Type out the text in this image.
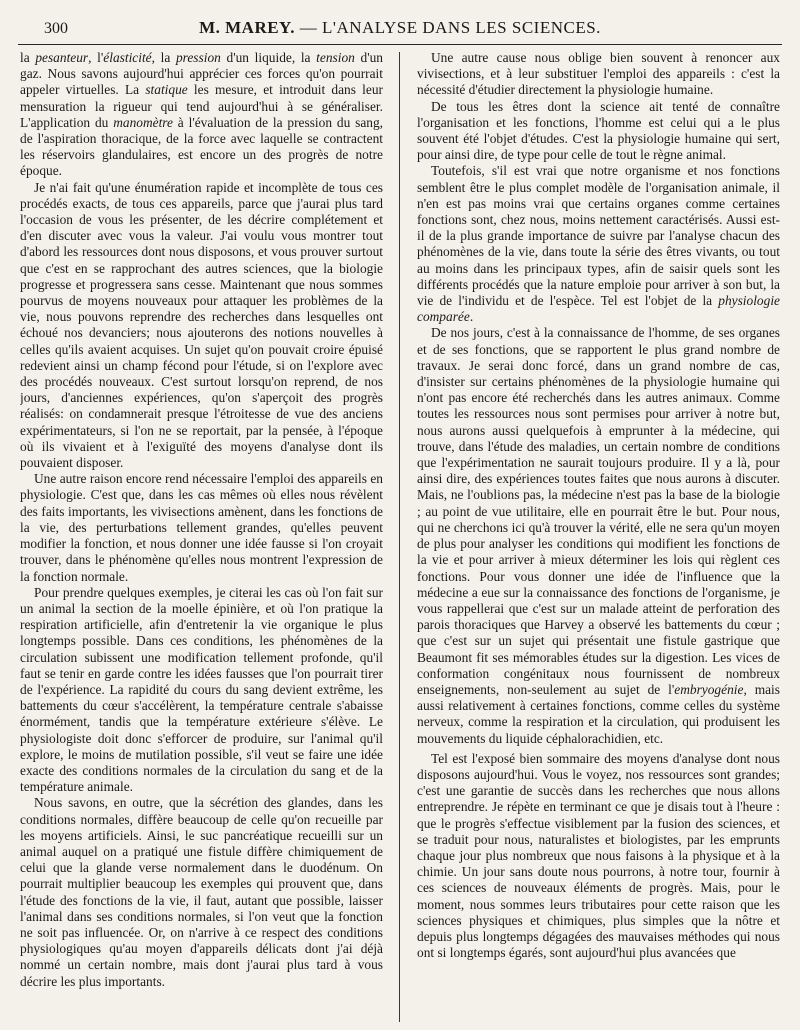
300	M. MAREY. — L'ANALYSE DANS LES SCIENCES.

la pesanteur, l'élasticité, la pression d'un liquide, la tension d'un gaz. Nous savons aujourd'hui apprécier ces forces qu'on pourrait appeler virtuelles. La statique les mesure, et introduit dans leur mensuration la rigueur qui tend aujourd'hui à se généraliser. L'application du manomètre à l'évaluation de la pression du sang, de l'aspiration thoracique, de la force avec laquelle se contractent les réservoirs glandulaires, est encore un des progrès de notre époque.

Je n'ai fait qu'une énumération rapide et incomplète de tous ces procédés exacts, de tous ces appareils, parce que j'aurai plus tard l'occasion de vous les présenter, de les décrire complétement et d'en discuter avec vous la valeur. J'ai voulu vous montrer tout d'abord les ressources dont nous disposons, et vous prouver surtout que c'est en se rapprochant des autres sciences, que la biologie progresse et progressera sans cesse. Maintenant que nous sommes pourvus de moyens nouveaux pour attaquer les problèmes de la vie, nous pouvons reprendre des recherches dans lesquelles ont échoué nos devanciers; nous ajouterons des notions nouvelles à celles qu'ils avaient acquises. Un sujet qu'on pouvait croire épuisé redevient ainsi un champ fécond pour l'étude, si on l'explore avec des procédés nouveaux. C'est surtout lorsqu'on reprend, de nos jours, d'anciennes expériences, qu'on s'aperçoit des progrès réalisés: on condamnerait presque l'étroitesse de vue des anciens expérimentateurs, si l'on ne se reportait, par la pensée, à l'époque où ils vivaient et à l'exiguïté des moyens d'analyse dont ils pouvaient disposer.

Une autre raison encore rend nécessaire l'emploi des appareils en physiologie. C'est que, dans les cas mêmes où elles nous révèlent des faits importants, les vivisections amènent, dans les fonctions de la vie, des perturbations tellement grandes, qu'elles peuvent modifier la fonction, et nous donner une idée fausse si l'on croyait trouver, dans le phénomène qu'elles nous montrent l'expression de la fonction normale.

Pour prendre quelques exemples, je citerai les cas où l'on fait sur un animal la section de la moelle épinière, et où l'on pratique la respiration artificielle, afin d'entretenir la vie organique le plus longtemps possible. Dans ces conditions, les phénomènes de la circulation subissent une modification tellement profonde, qu'il faut se tenir en garde contre les idées fausses que l'on pourrait tirer de l'expérience. La rapidité du cours du sang devient extrême, les battements du cœur s'accélèrent, la température centrale s'abaisse énormément, tandis que la température extérieure s'élève. Le physiologiste doit donc s'efforcer de produire, sur l'animal qu'il explore, le moins de mutilation possible, s'il veut se faire une idée exacte des conditions normales de la circulation du sang et de la température animale.

Nous savons, en outre, que la sécrétion des glandes, dans les conditions normales, diffère beaucoup de celle qu'on recueille par les moyens artificiels. Ainsi, le suc pancréatique recueilli sur un animal auquel on a pratiqué une fistule diffère chimiquement de celui que la glande verse normalement dans le duodénum. On pourrait multiplier beaucoup les exemples qui prouvent que, dans l'étude des fonctions de la vie, il faut, autant que possible, laisser l'animal dans ses conditions normales, si l'on veut que la fonction ne soit pas influencée. Or, on n'arrive à ce respect des conditions physiologiques qu'au moyen d'appareils délicats dont j'ai déjà nommé un certain nombre, mais dont j'aurai plus tard à vous décrire les plus importants.

Une autre cause nous oblige bien souvent à renoncer aux vivisections, et à leur substituer l'emploi des appareils : c'est la nécessité d'étudier directement la physiologie humaine.

De tous les êtres dont la science ait tenté de connaître l'organisation et les fonctions, l'homme est celui qui a le plus souvent été l'objet d'études. C'est la physiologie humaine qui sert, pour ainsi dire, de type pour celle de tout le règne animal.

Toutefois, s'il est vrai que notre organisme et nos fonctions semblent être le plus complet modèle de l'organisation animale, il n'en est pas moins vrai que certains organes comme certaines fonctions sont, chez nous, moins nettement caractérisés. Aussi est-il de la plus grande importance de suivre par l'analyse chacun des phénomènes de la vie, dans toute la série des êtres vivants, ou tout au moins dans les principaux types, afin de saisir quels sont les différents procédés que la nature emploie pour arriver à son but, la vie de l'individu et de l'espèce. Tel est l'objet de la physiologie comparée.

De nos jours, c'est à la connaissance de l'homme, de ses organes et de ses fonctions, que se rapportent le plus grand nombre de travaux. Je serai donc forcé, dans un grand nombre de cas, d'insister sur certains phénomènes de la physiologie humaine qui n'ont pas encore été recherchés dans les autres animaux. Comme toutes les ressources nous sont permises pour arriver à notre but, nous aurons aussi quelquefois à emprunter à la médecine, qui trouve, dans l'étude des maladies, un certain nombre de conditions que l'expérimentation ne saurait toujours produire. Il y a là, pour ainsi dire, des expériences toutes faites que nous aurons à discuter. Mais, ne l'oublions pas, la médecine n'est pas la base de la biologie ; au point de vue utilitaire, elle en pourrait être le but. Pour nous, qui ne cherchons ici qu'à trouver la vérité, elle ne sera qu'un moyen de plus pour analyser les conditions qui modifient les fonctions de la vie et pour arriver à mieux déterminer les lois qui règlent ces fonctions. Pour vous donner une idée de l'influence que la médecine a eue sur la connaissance des fonctions de l'organisme, je vous rappellerai que c'est sur un malade atteint de perforation des parois thoraciques que Harvey a observé les battements du cœur ; que c'est sur un sujet qui présentait une fistule gastrique que Beaumont fit ses mémorables études sur la digestion. Les vices de conformation congénitaux nous fournissent de nombreux enseignements, non-seulement au sujet de l'embryogénie, mais aussi relativement à certaines fonctions, comme celles du système nerveux, comme la respiration et la circulation, qui produisent les mouvements du liquide céphalorachidien, etc.

Tel est l'exposé bien sommaire des moyens d'analyse dont nous disposons aujourd'hui. Vous le voyez, nos ressources sont grandes; c'est une garantie de succès dans les recherches que nous allons entreprendre. Je répète en terminant ce que je disais tout à l'heure : que le progrès s'effectue visiblement par la fusion des sciences, et se traduit pour nous, naturalistes et biologistes, par les emprunts chaque jour plus nombreux que nous faisons à la physique et à la chimie. Un jour sans doute nous pourrons, à notre tour, fournir à ces sciences de nouveaux éléments de progrès. Mais, pour le moment, nous sommes leurs tributaires pour cette raison que les sciences physiques et chimiques, plus simples que la nôtre et depuis plus longtemps dégagées des mauvaises méthodes qui nous ont si longtemps égarés, sont aujourd'hui plus avancées que
